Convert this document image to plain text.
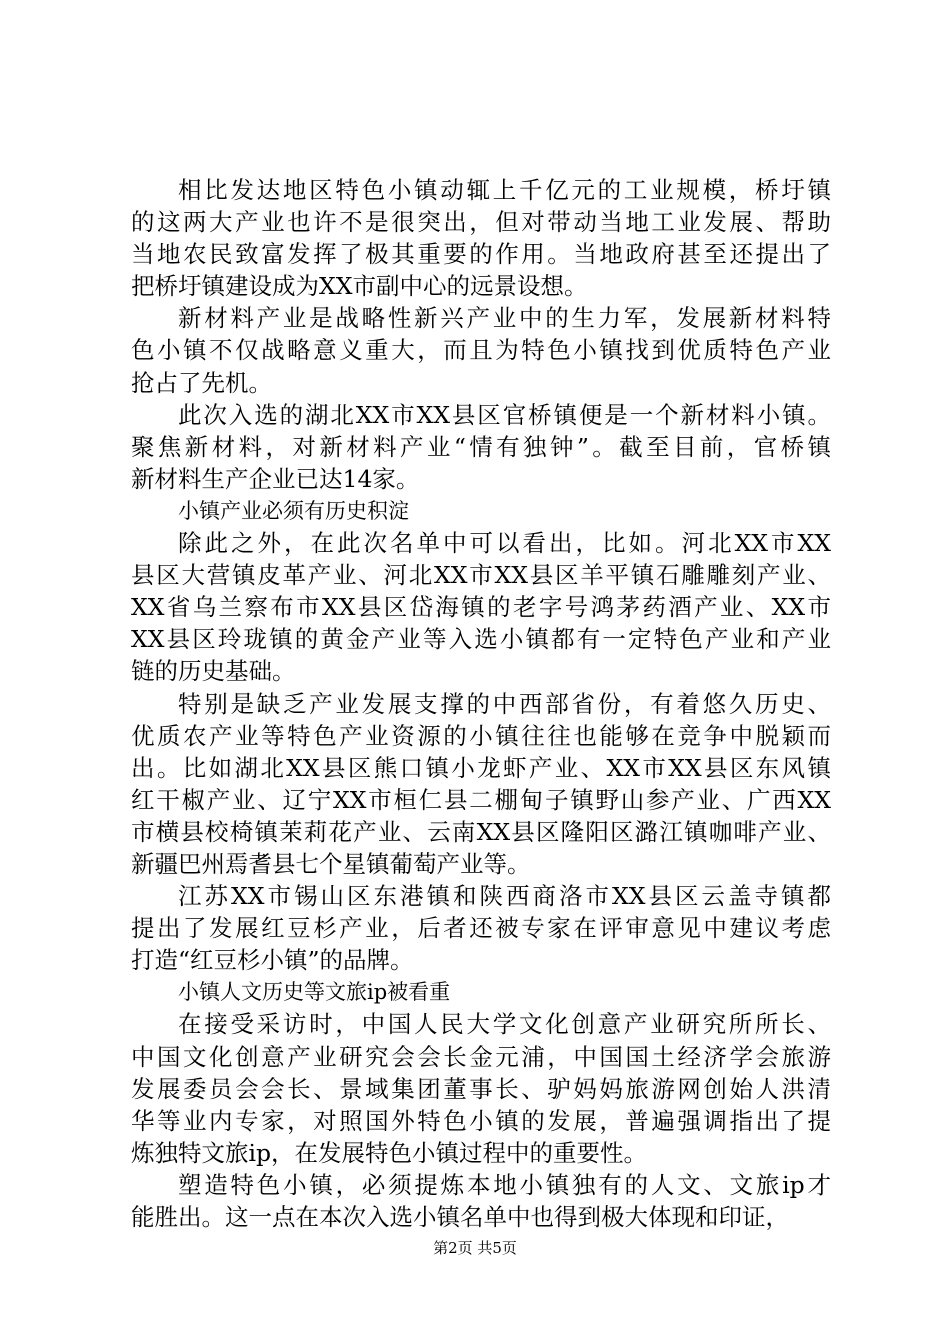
相比发达地区特色小镇动辄上千亿元的工业规模，桥圩镇
的这两大产业也许不是很突出，但对带动当地工业发展、帮助
当地农民致富发挥了极其重要的作用。当地政府甚至还提出了
把桥圩镇建设成为XX市副中心的远景设想。
新材料产业是战略性新兴产业中的生力军，发展新材料特
色小镇不仅战略意义重大，而且为特色小镇找到优质特色产业
抢占了先机。
此次入选的湖北XX市XX县区官桥镇便是一个新材料小镇。
聚焦新材料，对新材料产业“情有独钟”。截至目前，官桥镇
新材料生产企业已达14家。
小镇产业必须有历史积淀
除此之外，在此次名单中可以看出，比如。河北XX市XX
县区大营镇皮革产业、河北XX市XX县区羊平镇石雕雕刻产业、
XX省乌兰察布市XX县区岱海镇的老字号鸿茅药酒产业、XX市
XX县区玲珑镇的黄金产业等入选小镇都有一定特色产业和产业
链的历史基础。
特别是缺乏产业发展支撑的中西部省份，有着悠久历史、
优质农产业等特色产业资源的小镇往往也能够在竞争中脱颖而
出。比如湖北XX县区熊口镇小龙虾产业、XX市XX县区东风镇
红干椒产业、辽宁XX市桓仁县二棚甸子镇野山参产业、广西XX
市横县校椅镇茉莉花产业、云南XX县区隆阳区潞江镇咖啡产业、
新疆巴州焉耆县七个星镇葡萄产业等。
江苏XX市锡山区东港镇和陕西商洛市XX县区云盖寺镇都
提出了发展红豆杉产业，后者还被专家在评审意见中建议考虑
打造“红豆杉小镇”的品牌。
小镇人文历史等文旅ip被看重
在接受采访时，中国人民大学文化创意产业研究所所长、
中国文化创意产业研究会会长金元浦，中国国土经济学会旅游
发展委员会会长、景域集团董事长、驴妈妈旅游网创始人洪清
华等业内专家，对照国外特色小镇的发展，普遍强调指出了提
炼独特文旅ip，在发展特色小镇过程中的重要性。
塑造特色小镇，必须提炼本地小镇独有的人文、文旅ip才
能胜出。这一点在本次入选小镇名单中也得到极大体现和印证，
第2页 共5页
